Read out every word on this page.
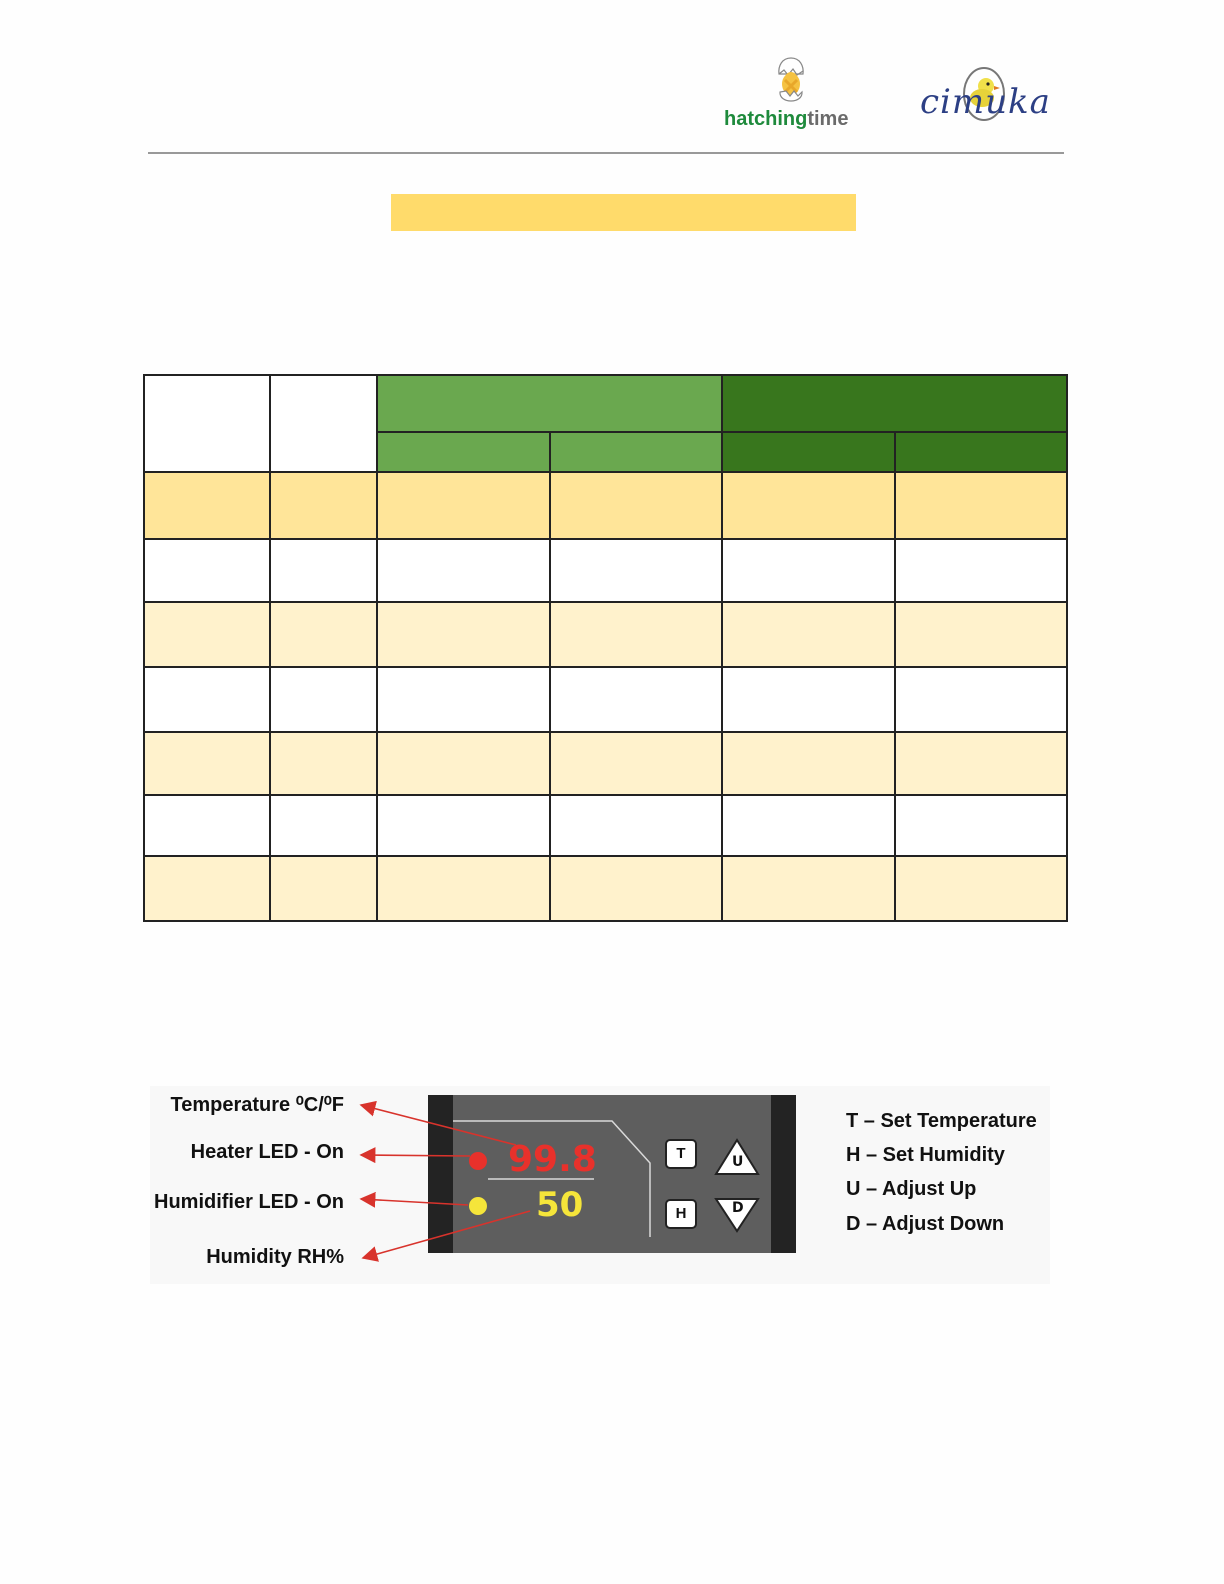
hatchingtime cimuka

Temperature ⁰C/⁰F
Heater LED - On
Humidifier LED - On
Humidity RH%
99.8
50
T
H
U
D
T – Set Temperature
H – Set Humidity
U – Adjust Up
D – Adjust Down
